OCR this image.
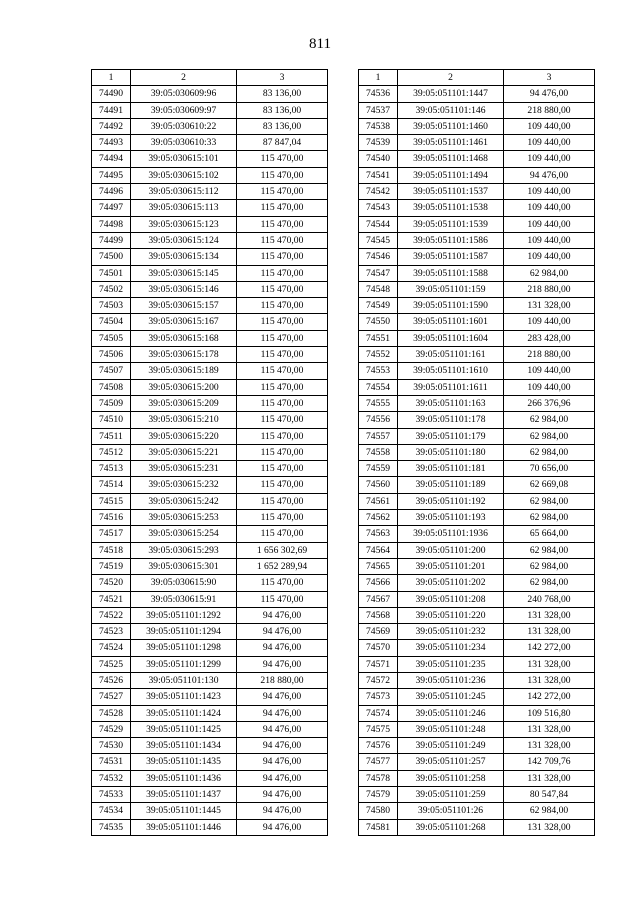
811
1	2	3
74490	39:05:030609:96	83 136,00
74491	39:05:030609:97	83 136,00
74492	39:05:030610:22	83 136,00
74493	39:05:030610:33	87 847,04
74494	39:05:030615:101	115 470,00
74495	39:05:030615:102	115 470,00
74496	39:05:030615:112	115 470,00
74497	39:05:030615:113	115 470,00
74498	39:05:030615:123	115 470,00
74499	39:05:030615:124	115 470,00
74500	39:05:030615:134	115 470,00
74501	39:05:030615:145	115 470,00
74502	39:05:030615:146	115 470,00
74503	39:05:030615:157	115 470,00
74504	39:05:030615:167	115 470,00
74505	39:05:030615:168	115 470,00
74506	39:05:030615:178	115 470,00
74507	39:05:030615:189	115 470,00
74508	39:05:030615:200	115 470,00
74509	39:05:030615:209	115 470,00
74510	39:05:030615:210	115 470,00
74511	39:05:030615:220	115 470,00
74512	39:05:030615:221	115 470,00
74513	39:05:030615:231	115 470,00
74514	39:05:030615:232	115 470,00
74515	39:05:030615:242	115 470,00
74516	39:05:030615:253	115 470,00
74517	39:05:030615:254	115 470,00
74518	39:05:030615:293	1 656 302,69
74519	39:05:030615:301	1 652 289,94
74520	39:05:030615:90	115 470,00
74521	39:05:030615:91	115 470,00
74522	39:05:051101:1292	94 476,00
74523	39:05:051101:1294	94 476,00
74524	39:05:051101:1298	94 476,00
74525	39:05:051101:1299	94 476,00
74526	39:05:051101:130	218 880,00
74527	39:05:051101:1423	94 476,00
74528	39:05:051101:1424	94 476,00
74529	39:05:051101:1425	94 476,00
74530	39:05:051101:1434	94 476,00
74531	39:05:051101:1435	94 476,00
74532	39:05:051101:1436	94 476,00
74533	39:05:051101:1437	94 476,00
74534	39:05:051101:1445	94 476,00
74535	39:05:051101:1446	94 476,00
1	2	3
74536	39:05:051101:1447	94 476,00
74537	39:05:051101:146	218 880,00
74538	39:05:051101:1460	109 440,00
74539	39:05:051101:1461	109 440,00
74540	39:05:051101:1468	109 440,00
74541	39:05:051101:1494	94 476,00
74542	39:05:051101:1537	109 440,00
74543	39:05:051101:1538	109 440,00
74544	39:05:051101:1539	109 440,00
74545	39:05:051101:1586	109 440,00
74546	39:05:051101:1587	109 440,00
74547	39:05:051101:1588	62 984,00
74548	39:05:051101:159	218 880,00
74549	39:05:051101:1590	131 328,00
74550	39:05:051101:1601	109 440,00
74551	39:05:051101:1604	283 428,00
74552	39:05:051101:161	218 880,00
74553	39:05:051101:1610	109 440,00
74554	39:05:051101:1611	109 440,00
74555	39:05:051101:163	266 376,96
74556	39:05:051101:178	62 984,00
74557	39:05:051101:179	62 984,00
74558	39:05:051101:180	62 984,00
74559	39:05:051101:181	70 656,00
74560	39:05:051101:189	62 669,08
74561	39:05:051101:192	62 984,00
74562	39:05:051101:193	62 984,00
74563	39:05:051101:1936	65 664,00
74564	39:05:051101:200	62 984,00
74565	39:05:051101:201	62 984,00
74566	39:05:051101:202	62 984,00
74567	39:05:051101:208	240 768,00
74568	39:05:051101:220	131 328,00
74569	39:05:051101:232	131 328,00
74570	39:05:051101:234	142 272,00
74571	39:05:051101:235	131 328,00
74572	39:05:051101:236	131 328,00
74573	39:05:051101:245	142 272,00
74574	39:05:051101:246	109 516,80
74575	39:05:051101:248	131 328,00
74576	39:05:051101:249	131 328,00
74577	39:05:051101:257	142 709,76
74578	39:05:051101:258	131 328,00
74579	39:05:051101:259	80 547,84
74580	39:05:051101:26	62 984,00
74581	39:05:051101:268	131 328,00
